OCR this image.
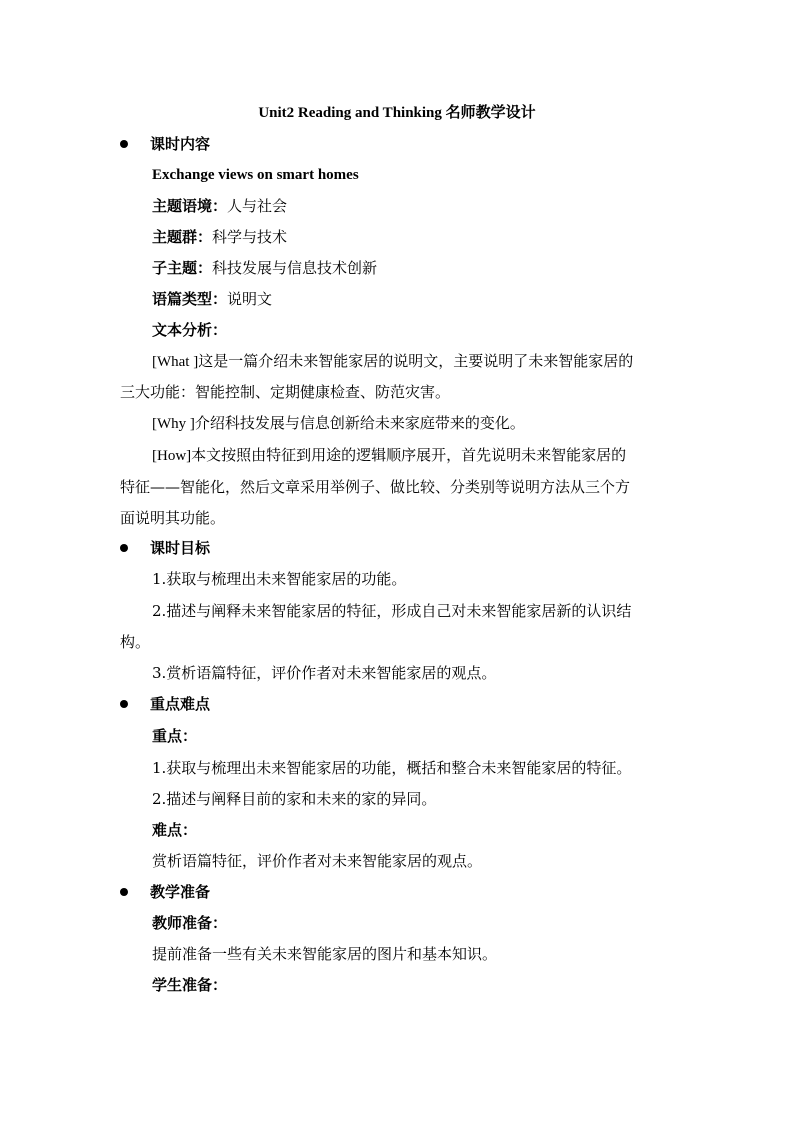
Unit2 Reading and Thinking 名师教学设计
课时内容
Exchange views on smart homes
主题语境：人与社会
主题群：科学与技术
子主题：科技发展与信息技术创新
语篇类型：说明文
文本分析：
[What ]这是一篇介绍未来智能家居的说明文，主要说明了未来智能家居的
三大功能：智能控制、定期健康检查、防范灾害。
[Why ]介绍科技发展与信息创新给未来家庭带来的变化。
[How]本文按照由特征到用途的逻辑顺序展开，首先说明未来智能家居的
特征——智能化，然后文章采用举例子、做比较、分类别等说明方法从三个方
面说明其功能。
课时目标
1.获取与梳理出未来智能家居的功能。
2.描述与阐释未来智能家居的特征，形成自己对未来智能家居新的认识结
构。
3.赏析语篇特征，评价作者对未来智能家居的观点。
重点难点
重点：
1.获取与梳理出未来智能家居的功能，概括和整合未来智能家居的特征。
2.描述与阐释目前的家和未来的家的异同。
难点：
赏析语篇特征，评价作者对未来智能家居的观点。
教学准备
教师准备：
提前准备一些有关未来智能家居的图片和基本知识。
学生准备：
